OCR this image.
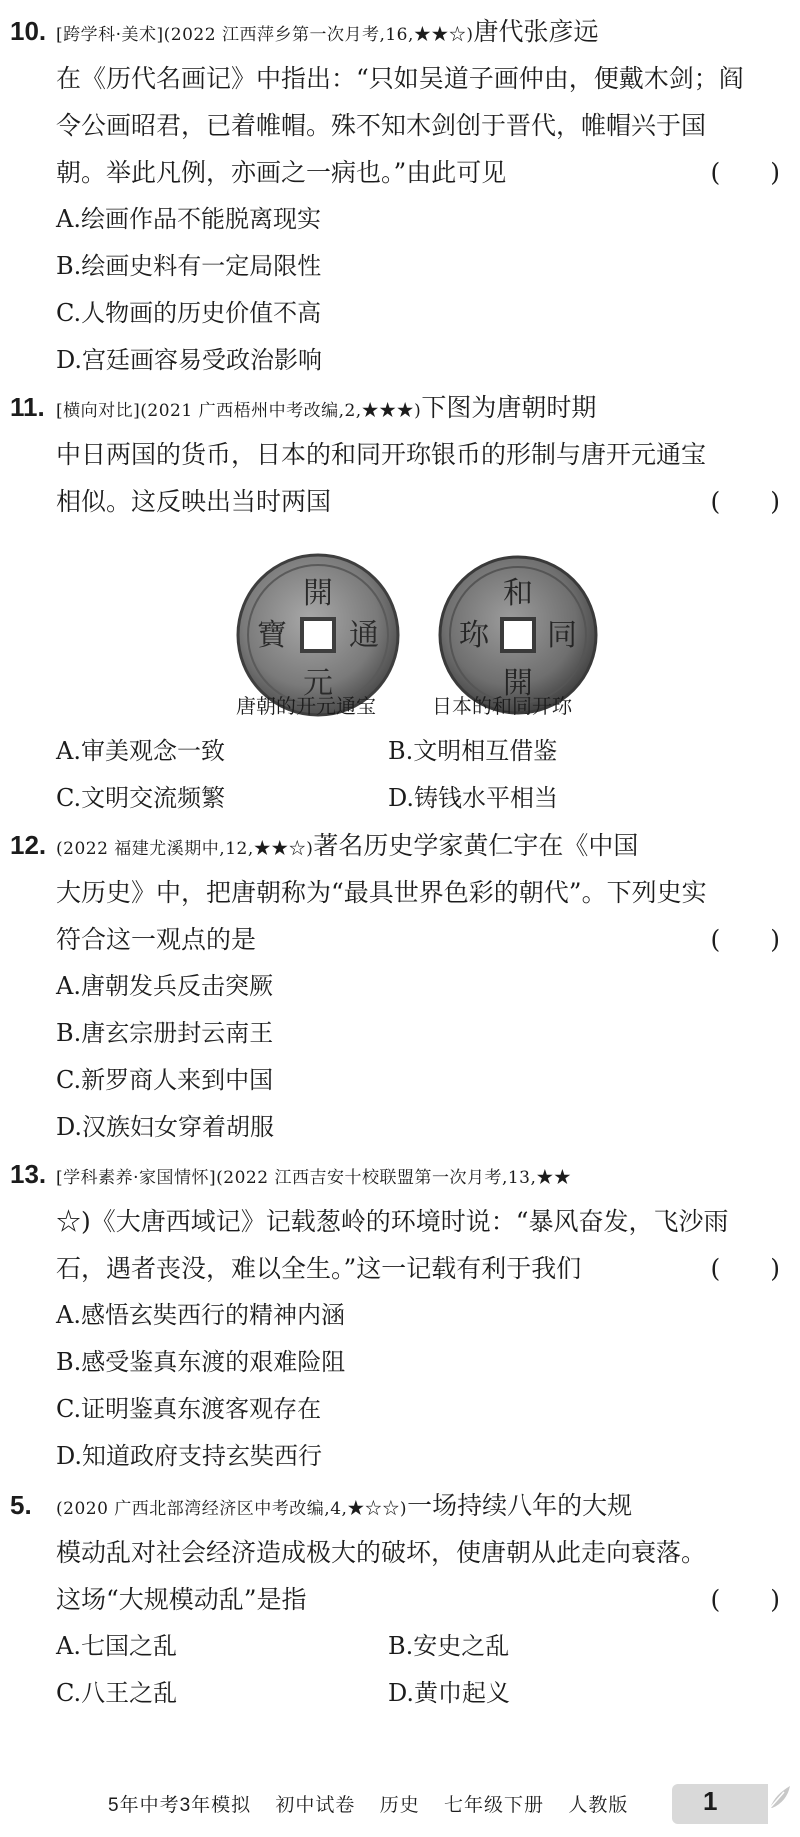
10. [跨学科·美术](2022 江西萍乡第一次月考,16,★★☆)唐代张彦远
在《历代名画记》中指出：“只如吴道子画仲由，便戴木剑；阎
令公画昭君，已着帷帽。殊不知木剑创于晋代，帷帽兴于国
朝。举此凡例，亦画之一病也。”由此可见	(　　)
A.绘画作品不能脱离现实
B.绘画史料有一定局限性
C.人物画的历史价值不高
D.宫廷画容易受政治影响
11. [横向对比](2021 广西梧州中考改编,2,★★★)下图为唐朝时期
中日两国的货币，日本的和同开珎银币的形制与唐开元通宝
相似。这反映出当时两国	(　　)
開
通
元
寶
和
同
開
珎
唐朝的开元通宝	日本的和同开珎
A.审美观念一致	B.文明相互借鉴
C.文明交流频繁	D.铸钱水平相当
12. (2022 福建尤溪期中,12,★★☆)著名历史学家黄仁宇在《中国
大历史》中，把唐朝称为“最具世界色彩的朝代”。下列史实
符合这一观点的是	(　　)
A.唐朝发兵反击突厥
B.唐玄宗册封云南王
C.新罗商人来到中国
D.汉族妇女穿着胡服
13. [学科素养·家国情怀](2022 江西吉安十校联盟第一次月考,13,★★
☆)《大唐西域记》记载葱岭的环境时说：“暴风奋发，飞沙雨
石，遇者丧没，难以全生。”这一记载有利于我们	(　　)
A.感悟玄奘西行的精神内涵
B.感受鉴真东渡的艰难险阻
C.证明鉴真东渡客观存在
D.知道政府支持玄奘西行
5. (2020 广西北部湾经济区中考改编,4,★☆☆)一场持续八年的大规
模动乱对社会经济造成极大的破坏，使唐朝从此走向衰落。
这场“大规模动乱”是指	(　　)
A.七国之乱	B.安史之乱
C.八王之乱	D.黄巾起义
5年中考3年模拟 初中试卷 历史 七年级下册 人教版	1
